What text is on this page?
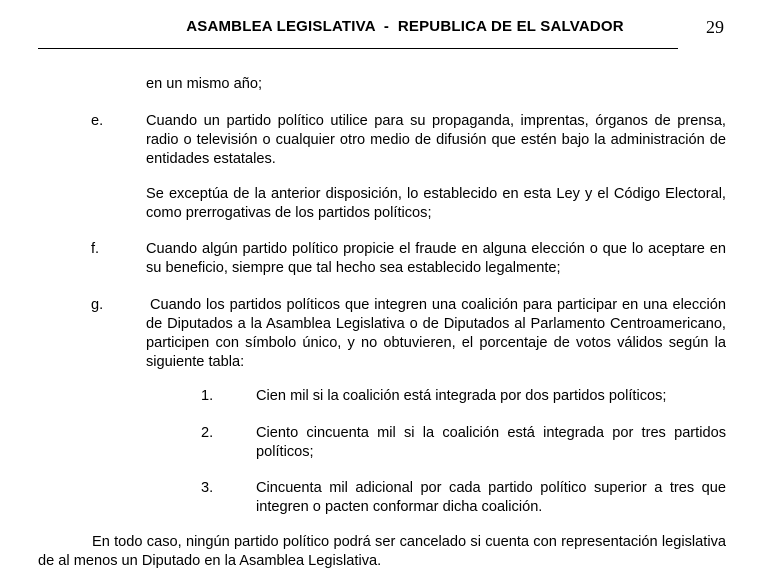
ASAMBLEA LEGISLATIVA  -  REPUBLICA DE EL SALVADOR	29
en un mismo año;
e.	Cuando un partido político utilice para su propaganda, imprentas, órganos de prensa, radio o televisión o cualquier otro medio de difusión que estén bajo la administración de entidades estatales.
Se exceptúa de la anterior disposición, lo establecido en esta Ley y el Código Electoral, como prerrogativas de los partidos políticos;
f.	Cuando algún partido político propicie el fraude en alguna elección o que lo aceptare en su beneficio, siempre que tal hecho sea establecido legalmente;
g.	Cuando los partidos políticos que integren una coalición para participar en una elección de Diputados a la Asamblea Legislativa o de Diputados al Parlamento Centroamericano, participen con símbolo único, y no obtuvieren, el porcentaje de votos válidos según la siguiente tabla:
1.	Cien mil si la coalición está integrada por dos partidos políticos;
2.	Ciento cincuenta mil si la coalición está integrada por tres partidos políticos;
3.	Cincuenta mil adicional por cada partido político superior a tres que integren o pacten conformar dicha coalición.
En todo caso, ningún partido político podrá ser cancelado si cuenta con representación legislativa de al menos un Diputado en la Asamblea Legislativa.
